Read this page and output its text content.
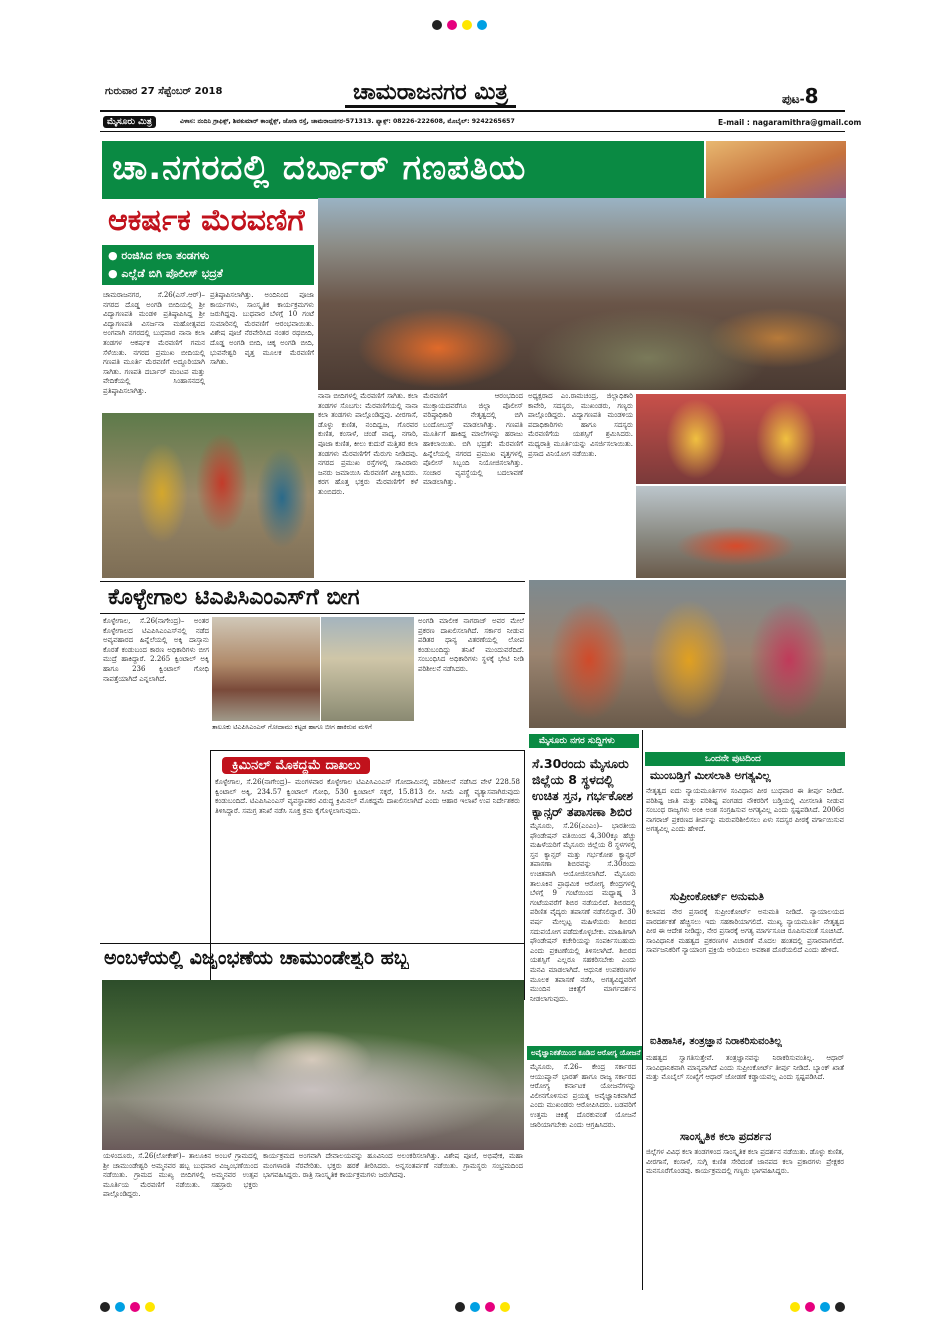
ಗುರುವಾರ 27 ಸೆಪ್ಟೆಂಬರ್ 2018	ಚಾಮರಾಜನಗರ ಮಿತ್ರ	ಪುಟ-8
ಮೈಸೂರು ಮಿತ್ರ	ವಿಳಾಸ: ನಂದಿನಿ ಗ್ರಾಫಿಕ್ಸ್, ಶಿವಕುಮಾರ್ ಕಾಂಪ್ಲೆಕ್ಸ್, ಜೋಡಿ ರಸ್ತೆ, ಚಾಮರಾಜನಗರ-571313. ಫ್ಯಾಕ್ಸ್: 08226-222608, ಮೊಬೈಲ್: 9242265657	E-mail : nagaramithra@gmail.com
ಚಾ.ನಗರದಲ್ಲಿ ದರ್ಬಾರ್ ಗಣಪತಿಯ
ಆಕರ್ಷಕ ಮೆರವಣಿಗೆ
● ರಂಜಿಸಿದ ಕಲಾ ತಂಡಗಳು
● ಎಲ್ಲೆಡೆ ಬಿಗಿ ಪೊಲೀಸ್ ಭದ್ರತೆ
ಚಾಮರಾಜನಗರ, ಸೆ.26(ಎಸ್.ಆರ್)– ನಗರದ ದೊಡ್ಡ ಅಂಗಡಿ ಬೀದಿಯಲ್ಲಿ ಶ್ರೀ ವಿದ್ಯಾಗಣಪತಿ ಮಂಡಳಿ ಪ್ರತಿಷ್ಠಾಪಿಸಿದ್ದ ಶ್ರೀ ವಿದ್ಯಾಗಣಪತಿ ವಿಸರ್ಜನಾ ಮಹೋತ್ಸವದ ಅಂಗವಾಗಿ ನಗರದಲ್ಲಿ ಬುಧವಾರ ನಾನಾ ಕಲಾ ತಂಡಗಳ ಆಕರ್ಷಕ ಮೆರವಣಿಗೆ ಗಮನ ಸೆಳೆಯಿತು. ನಗರದ ಪ್ರಮುಖ ಬೀದಿಯಲ್ಲಿ ಗಣಪತಿ ಮೂರ್ತಿ ಮೆರವಣಿಗೆ ಅದ್ದೂರಿಯಾಗಿ ಸಾಗಿತು. ಗಣಪತಿ ದರ್ಬಾರ್ ಮಂಟಪ ಮತ್ತು ವೇದಿಕೆಯಲ್ಲಿ ಸಿಂಹಾಸನದಲ್ಲಿ ಪ್ರತಿಷ್ಠಾಪಿಸಲಾಗಿತ್ತು.
ಪ್ರತಿಷ್ಠಾಪಿಸಲಾಗಿತ್ತು. ಅಂದಿನಿಂದ ಪೂಜಾ ಕಾರ್ಯಗಳು, ಸಾಂಸ್ಕೃತಿಕ ಕಾರ್ಯಕ್ರಮಗಳು ಜರುಗಿದ್ದವು. ಬುಧವಾರ ಬೆಳಗ್ಗೆ 10 ಗಂಟೆ ಸುಮಾರಿನಲ್ಲಿ ಮೆರವಣಿಗೆ ಆರಂಭವಾಯಿತು. ವಿಶೇಷ ಪೂಜೆ ನೆರವೇರಿಸಿದ ನಂತರ ರಥಬೀದಿ, ದೊಡ್ಡ ಅಂಗಡಿ ಬೀದಿ, ಚಿಕ್ಕ ಅಂಗಡಿ ಬೀದಿ, ಭುವನೇಶ್ವರಿ ವೃತ್ತ ಮೂಲಕ ಮೆರವಣಿಗೆ ಸಾಗಿತು.
ನಾನಾ ಬೀದಿಗಳಲ್ಲಿ ಮೆರವಣಿಗೆ ಸಾಗಿತು. ಕಲಾ ತಂಡಗಳ ಸೊಬಗು: ಮೆರವಣಿಗೆಯಲ್ಲಿ ನಾನಾ ಕಲಾ ತಂಡಗಳು ಪಾಲ್ಗೊಂಡಿದ್ದವು. ವೀರಗಾಸೆ, ಡೊಳ್ಳು ಕುಣಿತ, ನಂದಿಧ್ವಜ, ಗೊರವರ ಕುಣಿತ, ಕಂಸಾಳೆ, ಚಂಡೆ ವಾದ್ಯ, ನಗಾರಿ, ಪೂಜಾ ಕುಣಿತ, ಕೀಲು ಕುದುರೆ ಮತ್ತಿತರ ಕಲಾ ತಂಡಗಳು ಮೆರವಣಿಗೆಗೆ ಮೆರುಗು ನೀಡಿದವು. ನಗರದ ಪ್ರಮುಖ ರಸ್ತೆಗಳಲ್ಲಿ ಸಾವಿರಾರು ಜನರು ಜಮಾಯಿಸಿ ಮೆರವಣಿಗೆ ವೀಕ್ಷಿಸಿದರು. ಕರಗ ಹೊತ್ತ ಭಕ್ತರು ಮೆರವಣಿಗೆಗೆ ಕಳೆ ತುಂಬಿದರು.
ಮೆರವಣಿಗೆ ಆರಂಭದಿಂದ ಮುಕ್ತಾಯದವರೆಗೂ ಜಿಲ್ಲಾ ಪೊಲೀಸ್ ವರಿಷ್ಠಾಧಿಕಾರಿ ನೇತೃತ್ವದಲ್ಲಿ ಬಿಗಿ ಬಂದೋಬಸ್ತ್ ಮಾಡಲಾಗಿತ್ತು. ಗಣಪತಿ ಮೂರ್ತಿಗೆ ಹಾಕಿದ್ದ ಮಾಲೆಗಳನ್ನು ಹರಾಜು ಹಾಕಲಾಯಿತು. ಬಿಗಿ ಭದ್ರತೆ: ಮೆರವಣಿಗೆ ಹಿನ್ನೆಲೆಯಲ್ಲಿ ನಗರದ ಪ್ರಮುಖ ವೃತ್ತಗಳಲ್ಲಿ ಪೊಲೀಸ್ ಸಿಬ್ಬಂದಿ ನಿಯೋಜಿಸಲಾಗಿತ್ತು. ಸಂಚಾರ ವ್ಯವಸ್ಥೆಯಲ್ಲಿ ಬದಲಾವಣೆ ಮಾಡಲಾಗಿತ್ತು.
ಅಧ್ಯಕ್ಷರಾದ ಎಂ.ರಾಮಚಂದ್ರ, ಜಿಲ್ಲಾಧಿಕಾರಿ ಕಾವೇರಿ, ಸದಸ್ಯರು, ಮುಖಂಡರು, ಗಣ್ಯರು ಪಾಲ್ಗೊಂಡಿದ್ದರು. ವಿದ್ಯಾಗಣಪತಿ ಮಂಡಳಿಯ ಪದಾಧಿಕಾರಿಗಳು ಹಾಗೂ ಸದಸ್ಯರು ಮೆರವಣಿಗೆಯ ಯಶಸ್ಸಿಗೆ ಶ್ರಮಿಸಿದರು. ಮಧ್ಯರಾತ್ರಿ ಮೂರ್ತಿಯನ್ನು ವಿಸರ್ಜಿಸಲಾಯಿತು. ಪ್ರಸಾದ ವಿನಿಯೋಗ ನಡೆಯಿತು.
ಕೊಳ್ಳೇಗಾಲ ಟಿಎಪಿಸಿಎಂಎಸ್‌ಗೆ ಬೀಗ
ಕೊಳ್ಳೇಗಾಲ, ಸೆ.26(ನಾಗೇಂದ್ರ)– ಅಂತರ ಕೊಳ್ಳೇಗಾಲದ ಟಿಎಪಿಸಿಎಂಎಸ್‌ನಲ್ಲಿ ನಡೆದ ಅವ್ಯವಹಾರದ ಹಿನ್ನೆಲೆಯಲ್ಲಿ ಅಕ್ಕಿ ದಾಸ್ತಾನು ಕೊರತೆ ಕಂಡುಬಂದ ಕಾರಣ ಅಧಿಕಾರಿಗಳು ಬೀಗ ಮುದ್ರೆ ಹಾಕಿದ್ದಾರೆ. 2.265 ಕ್ವಿಂಟಾಲ್ ಅಕ್ಕಿ ಹಾಗೂ 236 ಕ್ವಿಂಟಾಲ್ ಗೋಧಿ ನಾಪತ್ತೆಯಾಗಿದೆ ಎನ್ನಲಾಗಿದೆ.
ತಾಲೂಕು ಟಿಎಪಿಸಿಎಂಎಸ್ ಗೋದಾಮು ಕಟ್ಟಡ ಹಾಗೂ ಬೀಗ ಹಾಕಿರುವ ಮಳಿಗೆ
ಅಂಗಡಿ ಮಾಲೀಕ ನಾಗರಾಜ್ ಅವರ ಮೇಲೆ ಪ್ರಕರಣ ದಾಖಲಿಸಲಾಗಿದೆ. ಸರ್ಕಾರ ನೀಡುವ ಪಡಿತರ ಧಾನ್ಯ ವಿತರಣೆಯಲ್ಲಿ ಲೋಪ ಕಂಡುಬಂದಿದ್ದು ತನಿಖೆ ಮುಂದುವರೆದಿದೆ. ಸಂಬಂಧಿಸಿದ ಅಧಿಕಾರಿಗಳು ಸ್ಥಳಕ್ಕೆ ಭೇಟಿ ನೀಡಿ ಪರಿಶೀಲನೆ ನಡೆಸಿದರು.
ಕ್ರಿಮಿನಲ್ ಮೊಕದ್ದಮೆ ದಾಖಲು
ಕೊಳ್ಳೇಗಾಲ, ಸೆ.26(ನಾಗೇಂದ್ರ)– ಮಂಗಳವಾರ ಕೊಳ್ಳೇಗಾಲ ಟಿಎಪಿಸಿಎಂಎಸ್ ಗೋದಾಮಿನಲ್ಲಿ ಪರಿಶೀಲನೆ ನಡೆಸಿದ ವೇಳೆ 228.58 ಕ್ವಿಂಟಾಲ್ ಅಕ್ಕಿ, 234.57 ಕ್ವಿಂಟಾಲ್ ಗೋಧಿ, 530 ಕ್ವಿಂಟಾಲ್ ಸಕ್ಕರೆ, 15.813 ಲೀ. ಸೀಮೆ ಎಣ್ಣೆ ವ್ಯತ್ಯಾಸವಾಗಿರುವುದು ಕಂಡುಬಂದಿದೆ. ಟಿಎಪಿಸಿಎಂಎಸ್ ವ್ಯವಸ್ಥಾಪಕರ ವಿರುದ್ಧ ಕ್ರಿಮಿನಲ್ ಮೊಕದ್ದಮೆ ದಾಖಲಿಸಲಾಗಿದೆ ಎಂದು ಆಹಾರ ಇಲಾಖೆ ಉಪ ನಿರ್ದೇಶಕರು ತಿಳಿಸಿದ್ದಾರೆ. ಸಮಗ್ರ ತನಿಖೆ ನಡೆಸಿ ಸೂಕ್ತ ಕ್ರಮ ಕೈಗೊಳ್ಳಲಾಗುವುದು.
ಮೈಸೂರು ನಗರ ಸುದ್ದಿಗಳು
ಮೈಸೂರು, ಸೆ.26(ಎಂಎಂ)– ಭಾರತೀಯ ಫೌಂಡೇಷನ್ ವತಿಯಿಂದ 4,300ಕ್ಕೂ ಹೆಚ್ಚು ಮಹಿಳೆಯರಿಗೆ ಮೈಸೂರು ಜಿಲ್ಲೆಯ 8 ಸ್ಥಳಗಳಲ್ಲಿ ಸ್ತನ ಕ್ಯಾನ್ಸರ್ ಮತ್ತು ಗರ್ಭಕೋಶ ಕ್ಯಾನ್ಸರ್ ತಪಾಸಣಾ ಶಿಬಿರವನ್ನು ಸೆ.30ರಂದು ಉಚಿತವಾಗಿ ಆಯೋಜಿಸಲಾಗಿದೆ. ಮೈಸೂರು ತಾಲೂಕಿನ ಪ್ರಾಥಮಿಕ ಆರೋಗ್ಯ ಕೇಂದ್ರಗಳಲ್ಲಿ ಬೆಳಗ್ಗೆ 9 ಗಂಟೆಯಿಂದ ಮಧ್ಯಾಹ್ನ 3 ಗಂಟೆಯವರೆಗೆ ಶಿಬಿರ ನಡೆಯಲಿದೆ. ಶಿಬಿರದಲ್ಲಿ ಪರಿಣಿತ ವೈದ್ಯರು ತಪಾಸಣೆ ನಡೆಸಲಿದ್ದಾರೆ. 30 ವರ್ಷ ಮೇಲ್ಪಟ್ಟ ಮಹಿಳೆಯರು ಶಿಬಿರದ ಸದುಪಯೋಗ ಪಡೆದುಕೊಳ್ಳಬೇಕು. ಮಾಹಿತಿಗಾಗಿ ಫೌಂಡೇಷನ್ ಕಚೇರಿಯನ್ನು ಸಂಪರ್ಕಿಸಬಹುದು ಎಂದು ಪ್ರಕಟಣೆಯಲ್ಲಿ ತಿಳಿಸಲಾಗಿದೆ. ಶಿಬಿರದ ಯಶಸ್ಸಿಗೆ ಎಲ್ಲರೂ ಸಹಕರಿಸಬೇಕು ಎಂದು ಮನವಿ ಮಾಡಲಾಗಿದೆ. ಆಧುನಿಕ ಉಪಕರಣಗಳ ಮೂಲಕ ತಪಾಸಣೆ ನಡೆಸಿ, ಅಗತ್ಯವಿದ್ದವರಿಗೆ ಮುಂದಿನ ಚಿಕಿತ್ಸೆಗೆ ಮಾರ್ಗದರ್ಶನ ನೀಡಲಾಗುವುದು.
ಅವೈಜ್ಞಾನಿಕತೆಯಿಂದ ಕೂಡಿದ ಆರೋಗ್ಯ ಯೋಜನೆ
ಮೈಸೂರು, ಸೆ.26– ಕೇಂದ್ರ ಸರ್ಕಾರದ ಆಯುಷ್ಮಾನ್ ಭಾರತ್ ಹಾಗೂ ರಾಜ್ಯ ಸರ್ಕಾರದ ಆರೋಗ್ಯ ಕರ್ನಾಟಕ ಯೋಜನೆಗಳನ್ನು ವಿಲೀನಗೊಳಿಸುವ ಪ್ರಯತ್ನ ಅವೈಜ್ಞಾನಿಕವಾಗಿದೆ ಎಂದು ಮುಖಂಡರು ಆರೋಪಿಸಿದರು. ಬಡವರಿಗೆ ಉತ್ತಮ ಚಿಕಿತ್ಸೆ ದೊರಕುವಂತೆ ಯೋಜನೆ ಜಾರಿಯಾಗಬೇಕು ಎಂದು ಆಗ್ರಹಿಸಿದರು.
ಒಂದನೇ ಪುಟದಿಂದ
ಮುಂಬಡ್ತಿಗೆ ಮೀಸಲಾತಿ ಅಗತ್ಯವಿಲ್ಲ
ನೇತೃತ್ವದ ಐದು ನ್ಯಾಯಮೂರ್ತಿಗಳ ಸಂವಿಧಾನ ಪೀಠ ಬುಧವಾರ ಈ ತೀರ್ಪು ನೀಡಿದೆ. ಪರಿಶಿಷ್ಟ ಜಾತಿ ಮತ್ತು ಪರಿಶಿಷ್ಟ ಪಂಗಡದ ನೌಕರರಿಗೆ ಬಡ್ತಿಯಲ್ಲಿ ಮೀಸಲಾತಿ ನೀಡುವ ಸಂಬಂಧ ರಾಜ್ಯಗಳು ಅಂಕಿ ಅಂಶ ಸಂಗ್ರಹಿಸುವ ಅಗತ್ಯವಿಲ್ಲ ಎಂದು ಸ್ಪಷ್ಟಪಡಿಸಿದೆ. 2006ರ ನಾಗರಾಜ್ ಪ್ರಕರಣದ ತೀರ್ಪನ್ನು ಮರುಪರಿಶೀಲಿಸಲು ಏಳು ಸದಸ್ಯರ ಪೀಠಕ್ಕೆ ವರ್ಗಾಯಿಸುವ ಅಗತ್ಯವಿಲ್ಲ ಎಂದು ಹೇಳಿದೆ.
ಸುಪ್ರೀಂಕೋರ್ಟ್ ಅನುಮತಿ
ಕಲಾಪದ ನೇರ ಪ್ರಸಾರಕ್ಕೆ ಸುಪ್ರೀಂಕೋರ್ಟ್ ಅನುಮತಿ ನೀಡಿದೆ. ನ್ಯಾಯಾಲಯದ ಪಾರದರ್ಶಕತೆ ಹೆಚ್ಚಿಸಲು ಇದು ಸಹಕಾರಿಯಾಗಲಿದೆ. ಮುಖ್ಯ ನ್ಯಾಯಮೂರ್ತಿ ನೇತೃತ್ವದ ಪೀಠ ಈ ಆದೇಶ ನೀಡಿದ್ದು, ನೇರ ಪ್ರಸಾರಕ್ಕೆ ಅಗತ್ಯ ಮಾರ್ಗಸೂಚಿ ರೂಪಿಸುವಂತೆ ಸೂಚಿಸಿದೆ. ಸಾಂವಿಧಾನಿಕ ಮಹತ್ವದ ಪ್ರಕರಣಗಳ ವಿಚಾರಣೆ ಮೊದಲ ಹಂತದಲ್ಲಿ ಪ್ರಸಾರವಾಗಲಿದೆ. ಸಾರ್ವಜನಿಕರಿಗೆ ನ್ಯಾಯಾಂಗ ಪ್ರಕ್ರಿಯೆ ಅರಿಯಲು ಅವಕಾಶ ದೊರೆಯಲಿದೆ ಎಂದು ಹೇಳಿದೆ.
ಐತಿಹಾಸಿಕ, ತಂತ್ರಜ್ಞಾನ ನಿರಾಕರಿಸುವಂತಿಲ್ಲ
ಮಹತ್ವದ ಸ್ವಾಗತಿಸುತ್ತೇವೆ. ತಂತ್ರಜ್ಞಾನವನ್ನು ನಿರಾಕರಿಸುವಂತಿಲ್ಲ. ಆಧಾರ್ ಸಾಂವಿಧಾನಿಕವಾಗಿ ಮಾನ್ಯವಾಗಿದೆ ಎಂದು ಸುಪ್ರೀಂಕೋರ್ಟ್ ತೀರ್ಪು ನೀಡಿದೆ. ಬ್ಯಾಂಕ್ ಖಾತೆ ಮತ್ತು ಮೊಬೈಲ್ ಸಂಖ್ಯೆಗೆ ಆಧಾರ್ ಜೋಡಣೆ ಕಡ್ಡಾಯವಲ್ಲ ಎಂದು ಸ್ಪಷ್ಟಪಡಿಸಿದೆ.
ಸಾಂಸ್ಕೃತಿಕ ಕಲಾ ಪ್ರದರ್ಶನ
ಜಿಲ್ಲೆಗಳ ವಿವಿಧ ಕಲಾ ತಂಡಗಳಿಂದ ಸಾಂಸ್ಕೃತಿಕ ಕಲಾ ಪ್ರದರ್ಶನ ನಡೆಯಿತು. ಡೊಳ್ಳು ಕುಣಿತ, ವೀರಗಾಸೆ, ಕಂಸಾಳೆ, ಸುಗ್ಗಿ ಕುಣಿತ ಸೇರಿದಂತೆ ಜಾನಪದ ಕಲಾ ಪ್ರಕಾರಗಳು ಪ್ರೇಕ್ಷಕರ ಮನಸೂರೆಗೊಂಡವು. ಕಾರ್ಯಕ್ರಮದಲ್ಲಿ ಗಣ್ಯರು ಭಾಗವಹಿಸಿದ್ದರು.
ಅಂಬಳೆಯಲ್ಲಿ ವಿಜೃಂಭಣೆಯ ಚಾಮುಂಡೇಶ್ವರಿ ಹಬ್ಬ
ಯಳಂದೂರು, ಸೆ.26(ಲೋಕೇಶ್)– ತಾಲೂಕಿನ ಅಂಬಳೆ ಗ್ರಾಮದಲ್ಲಿ ಶ್ರೀ ಚಾಮುಂಡೇಶ್ವರಿ ಅಮ್ಮನವರ ಹಬ್ಬ ಬುಧವಾರ ವಿಜೃಂಭಣೆಯಿಂದ ನಡೆಯಿತು. ಗ್ರಾಮದ ಮುಖ್ಯ ಬೀದಿಗಳಲ್ಲಿ ಅಮ್ಮನವರ ಉತ್ಸವ ಮೂರ್ತಿಯ ಮೆರವಣಿಗೆ ನಡೆಯಿತು. ಸಹಸ್ರಾರು ಭಕ್ತರು ಪಾಲ್ಗೊಂಡಿದ್ದರು.
ಕಾರ್ಯಕ್ರಮದ ಅಂಗವಾಗಿ ದೇವಾಲಯವನ್ನು ಹೂವಿನಿಂದ ಅಲಂಕರಿಸಲಾಗಿತ್ತು. ವಿಶೇಷ ಪೂಜೆ, ಅಭಿಷೇಕ, ಮಹಾ ಮಂಗಳಾರತಿ ನೆರವೇರಿತು. ಭಕ್ತರು ಹರಕೆ ತೀರಿಸಿದರು. ಅನ್ನಸಂತರ್ಪಣೆ ನಡೆಯಿತು. ಗ್ರಾಮಸ್ಥರು ಸಂಭ್ರಮದಿಂದ ಭಾಗವಹಿಸಿದ್ದರು. ರಾತ್ರಿ ಸಾಂಸ್ಕೃತಿಕ ಕಾರ್ಯಕ್ರಮಗಳು ಜರುಗಿದವು.
ಸೆ.30ರಂದು ಮೈಸೂರು ಜಿಲ್ಲೆಯ 8 ಸ್ಥಳದಲ್ಲಿ ಉಚಿತ ಸ್ತನ, ಗರ್ಭಕೋಶ ಕ್ಯಾನ್ಸರ್ ತಪಾಸಣಾ ಶಿಬಿರ
